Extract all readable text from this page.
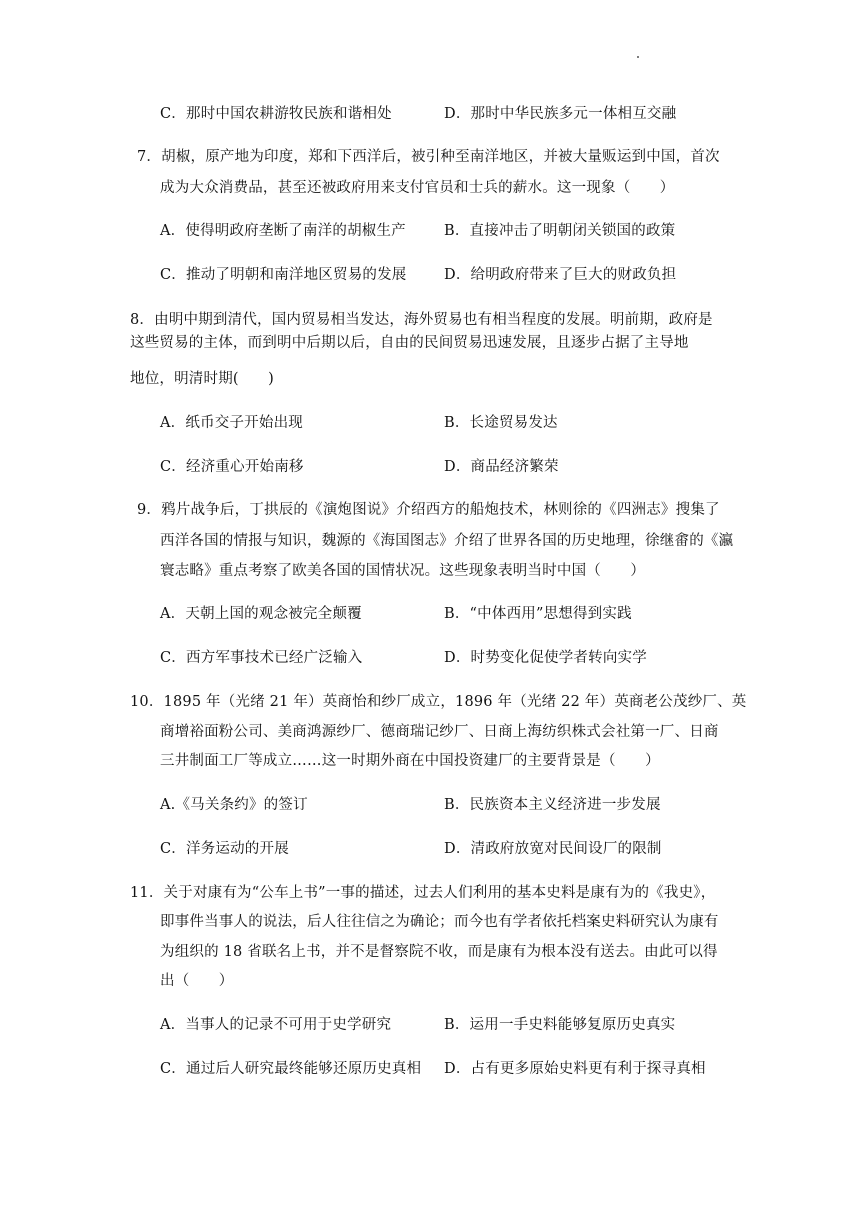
C．那时中国农耕游牧民族和谐相处	D．那时中华民族多元一体相互交融
7．胡椒，原产地为印度，郑和下西洋后，被引种至南洋地区，并被大量贩运到中国，首次
成为大众消费品，甚至还被政府用来支付官员和士兵的薪水。这一现象（　　）
A．使得明政府垄断了南洋的胡椒生产	B．直接冲击了明朝闭关锁国的政策
C．推动了明朝和南洋地区贸易的发展	D．给明政府带来了巨大的财政负担
8．由明中期到清代，国内贸易相当发达，海外贸易也有相当程度的发展。明前期，政府是
这些贸易的主体，而到明中后期以后，自由的民间贸易迅速发展，且逐步占据了主导地
地位，明清时期(　　)
A．纸币交子开始出现	B．长途贸易发达
C．经济重心开始南移	D．商品经济繁荣
9．鸦片战争后，丁拱辰的《演炮图说》介绍西方的船炮技术，林则徐的《四洲志》搜集了
西洋各国的情报与知识，魏源的《海国图志》介绍了世界各国的历史地理，徐继畬的《瀛
寰志略》重点考察了欧美各国的国情状况。这些现象表明当时中国（　　）
A．天朝上国的观念被完全颠覆	B．“中体西用”思想得到实践
C．西方军事技术已经广泛输入	D．时势变化促使学者转向实学
10．1895 年（光绪 21 年）英商怡和纱厂成立，1896 年（光绪 22 年）英商老公茂纱厂、英
商增裕面粉公司、美商鸿源纱厂、德商瑞记纱厂、日商上海纺织株式会社第一厂、日商
三井制面工厂等成立……这一时期外商在中国投资建厂的主要背景是（　　）
A.《马关条约》的签订	B．民族资本主义经济进一步发展
C．洋务运动的开展	D．清政府放宽对民间设厂的限制
11．关于对康有为“公车上书”一事的描述，过去人们利用的基本史料是康有为的《我史》，
即事件当事人的说法，后人往往信之为确论；而今也有学者依托档案史料研究认为康有
为组织的 18 省联名上书，并不是督察院不收，而是康有为根本没有送去。由此可以得
出（　　）
A．当事人的记录不可用于史学研究	B．运用一手史料能够复原历史真实
C．通过后人研究最终能够还原历史真相 D．占有更多原始史料更有利于探寻真相
